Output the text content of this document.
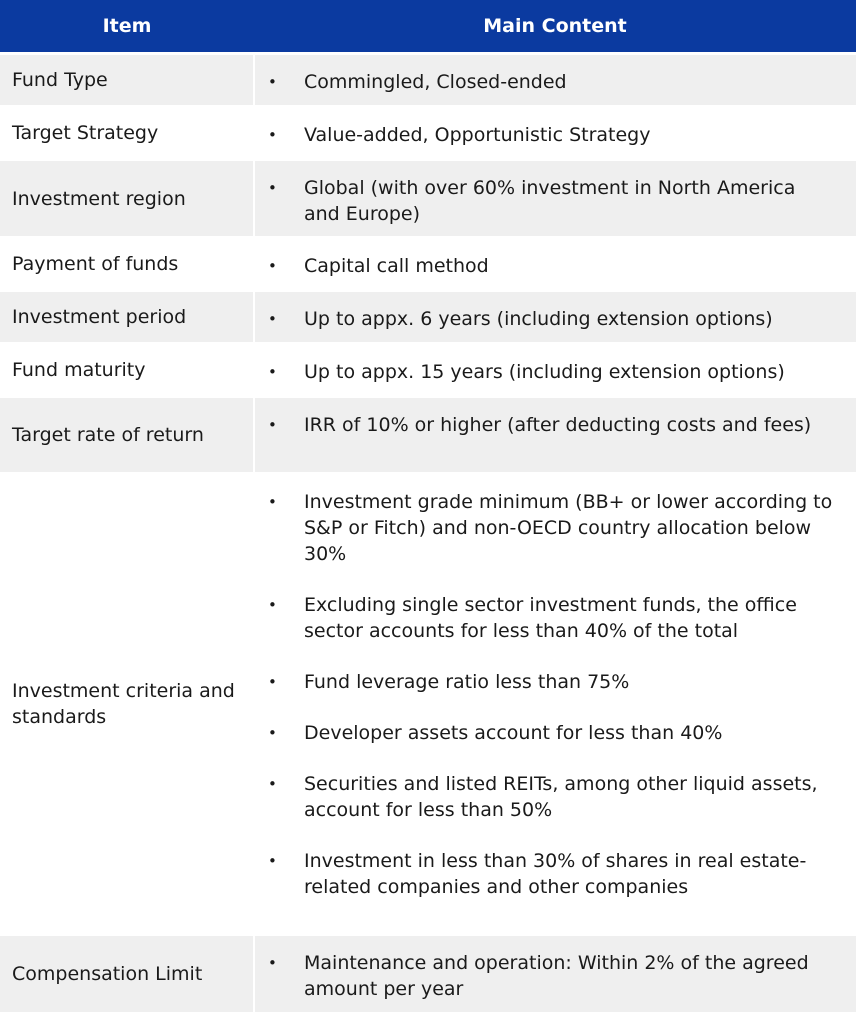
Item	Main Content
Fund Type	•	Commingled, Closed-ended
Target Strategy	•	Value-added, Opportunistic Strategy
Investment region	•	Global (with over 60% investment in North America and Europe)
Payment of funds	•	Capital call method
Investment period	•	Up to appx. 6 years (including extension options)
Fund maturity	•	Up to appx. 15 years (including extension options)
Target rate of return	•	IRR of 10% or higher (after deducting costs and fees)
Investment criteria and standards
•	Investment grade minimum (BB+ or lower according to S&P or Fitch) and non-OECD country allocation below 30%
•	Excluding single sector investment funds, the office sector accounts for less than 40% of the total
•	Fund leverage ratio less than 75%
•	Developer assets account for less than 40%
•	Securities and listed REITs, among other liquid assets, account for less than 50%
•	Investment in less than 30% of shares in real estate-related companies and other companies
Compensation Limit	•	Maintenance and operation: Within 2% of the agreed amount per year
